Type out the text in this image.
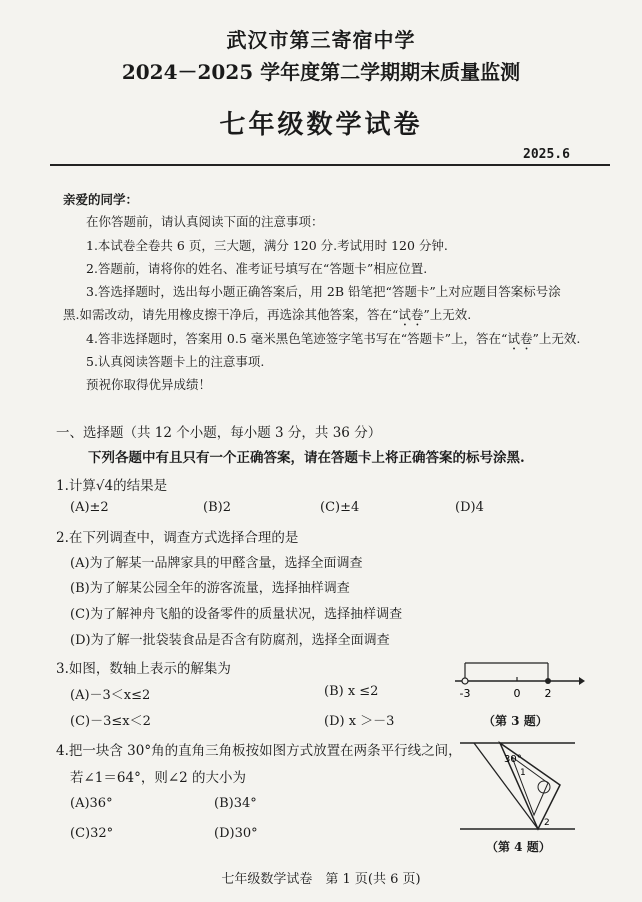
武汉市第三寄宿中学
2024－2025 学年度第二学期期末质量监测
七年级数学试卷
2025.6
亲爱的同学：
在你答题前，请认真阅读下面的注意事项：
1.本试卷全卷共 6 页，三大题，满分 120 分.考试用时 120 分钟.
2.答题前，请将你的姓名、准考证号填写在“答题卡”相应位置.
3.答选择题时，选出每小题正确答案后，用 2B 铅笔把“答题卡”上对应题目答案标号涂
黑.如需改动，请先用橡皮擦干净后，再选涂其他答案，答在“试卷”上无效.
4.答非选择题时，答案用 0.5 毫米黑色笔迹签字笔书写在“答题卡”上，答在“试卷”上无效.
5.认真阅读答题卡上的注意事项.
预祝你取得优异成绩！
一、选择题（共 12 个小题，每小题 3 分，共 36 分）
下列各题中有且只有一个正确答案，请在答题卡上将正确答案的标号涂黑.
1.计算√4的结果是
(A)±2	(B)2	(C)±4	(D)4
2.在下列调查中，调查方式选择合理的是
(A)为了解某一品牌家具的甲醛含量，选择全面调查
(B)为了解某公园全年的游客流量，选择抽样调查
(C)为了解神舟飞船的设备零件的质量状况，选择抽样调查
(D)为了解一批袋装食品是否含有防腐剂，选择全面调查
3.如图，数轴上表示的解集为
(A)－3＜x≤2	(B) x ≤2
(C)－3≤x＜2	(D) x ＞－3
-3	0 2
（第 3 题）
4.把一块含 30°角的直角三角板按如图方式放置在两条平行线之间，
若∠1＝64°，则∠2 的大小为
(A)36°	(B)34°
(C)32°	(D)30°
30°
1
2
（第 4 题）
七年级数学试卷　第 1 页(共 6 页)
